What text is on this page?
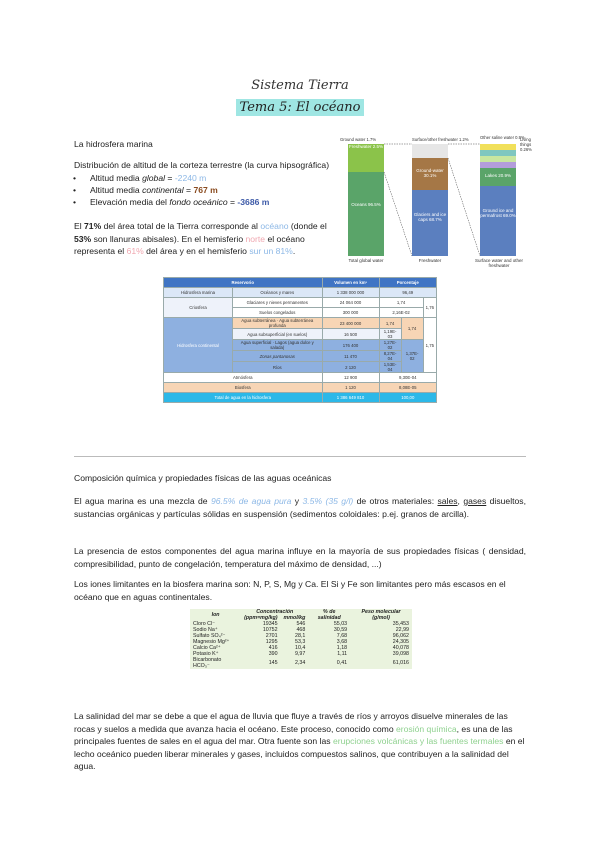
Sistema Tierra
Tema 5: El océano
La hidrosfera marina
Distribución de altitud de la corteza terrestre (la curva hipsográfica)
• Altitud media global = -2240 m
• Altitud media continental = 767 m
• Elevación media del fondo oceánico = -3686 m
El 71% del área total de la Tierra corresponde al océano (donde el 53% son llanuras abisales). En el hemisferio norte el océano representa el 61% del área y en el hemisferio sur un 81%.
Freshwater 2.5%
Oceans 96.5%
Total global water
Ground-water 30.1%
Glaciers and ice caps 68.7%
Freshwater
Lakes 20.9%
Ground ice and permafrost 69.0%
Surface water and other freshwater
Ground water 1.7%	Surface/other freshwater 1.2%	Other saline water 0.9%
Living things 0.26%
Reservorio		Volumen en km³	Porcentaje		
Hidrosfera marina	Océanos y mares	1 338 000 000	96,49		
Criosfera	Glaciares y nieves permanentes	24 064 000	1,74		1,76
	Suelos congelados	300 000	2,16E-02		
Hidrosfera continental	Agua subterránea · Agua subterránea profunda	23 400 000	1,74	1,74	1,75
	Agua subsuperficial (en suelos)	16 500	1,19E-03		
	Agua superficial · Lagos (agua dulce y salada)	176 400	1,27E-02	1,37E-02	
	Zonas pantanosas	11 470	8,27E-04		
	Ríos	2 120	1,53E-04		
Atmósfera		12 900	9,30E-04		
Biosfera		1 120	8,08E-05		
Total de agua en la hidrosfera		1 386 649 810	100,00		
Composición química y propiedades físicas de las aguas oceánicas
El agua marina es una mezcla de 96.5% de agua pura y 3.5% (35 g/l) de otros materiales: sales, gases disueltos, sustancias orgánicas y partículas sólidas en suspensión (sedimentos coloidales: p.ej. granos de arcilla).
La presencia de estos componentes del agua marina influye en la mayoría de sus propiedades físicas ( densidad, compresibilidad, punto de congelación, temperatura del máximo de densidad, ...)
Los iones limitantes en la biosfera marina son: N, P, S, Mg y Ca. El Si y Fe son limitantes pero más escasos en el océano que en aguas continentales.
Ion	Concentración		% de salinidad	Peso molecular (g/mol)
	(ppm=mg/kg)	mmol/kg		
Cloro Cl⁻	19345	546	55,03	35,453
Sodio Na⁺	10752	468	30,59	22,99
Sulfato SO₄²⁻	2701	28,1	7,68	96,062
Magnesio Mg²⁺	1295	53,3	3,68	24,305
Calcio Ca²⁺	416	10,4	1,18	40,078
Potasio K⁺	390	9,97	1,11	39,098
Bicarbonato HCO₃⁻	145	2,34	0,41	61,016
La salinidad del mar se debe a que el agua de lluvia que fluye a través de ríos y arroyos disuelve minerales de las rocas y suelos a medida que avanza hacia el océano. Este proceso, conocido como erosión química, es una de las principales fuentes de sales en el agua del mar. Otra fuente son las erupciones volcánicas y las fuentes termales en el lecho oceánico pueden liberar minerales y gases, incluidos compuestos salinos, que contribuyen a la salinidad del agua.
